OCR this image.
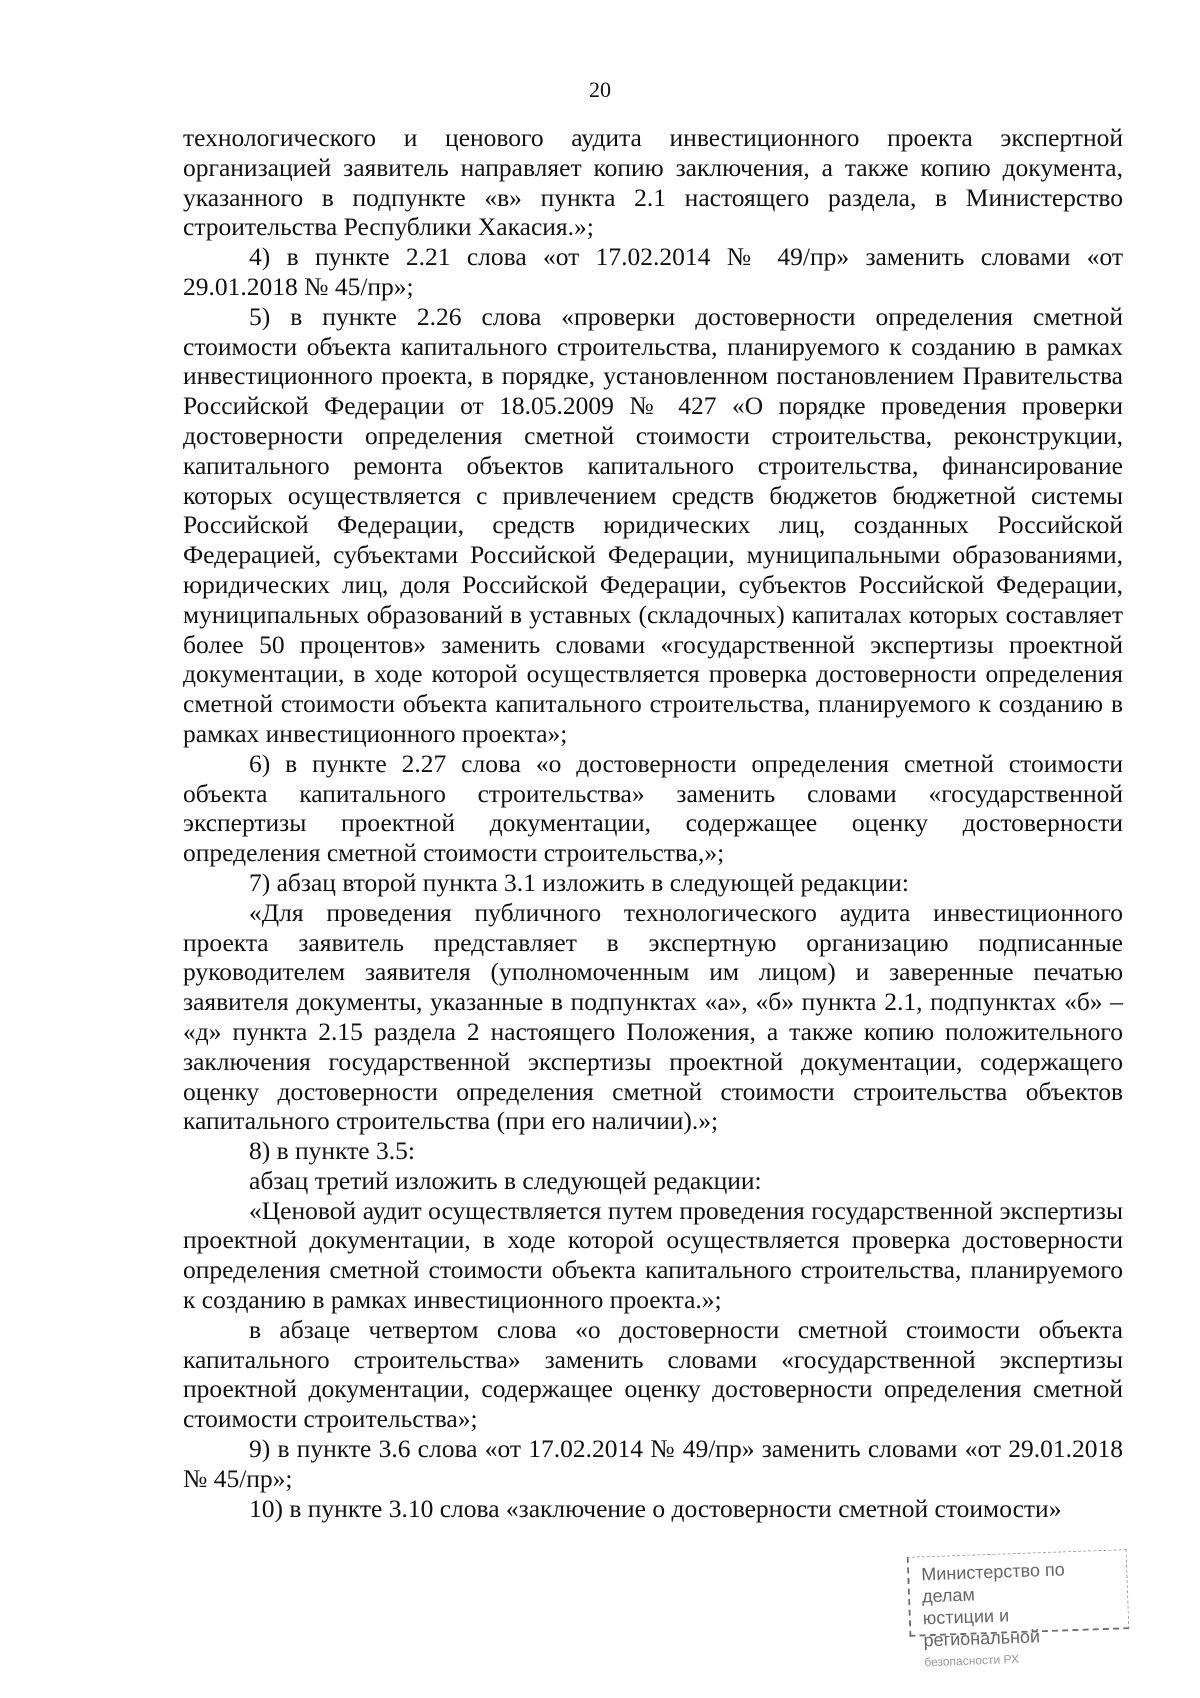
20

технологического и ценового аудита инвестиционного проекта экспертной организацией заявитель направляет копию заключения, а также копию документа, указанного в подпункте «в» пункта 2.1 настоящего раздела, в Министерство строительства Республики Хакасия.»;

4) в пункте 2.21 слова «от 17.02.2014 № 49/пр» заменить словами «от 29.01.2018 № 45/пр»;

5) в пункте 2.26 слова «проверки достоверности определения сметной стоимости объекта капитального строительства, планируемого к созданию в рамках инвестиционного проекта, в порядке, установленном постановлением Правительства Российской Федерации от 18.05.2009 № 427 «О порядке проведения проверки достоверности определения сметной стоимости строительства, реконструкции, капитального ремонта объектов капитального строительства, финансирование которых осуществляется с привлечением средств бюджетов бюджетной системы Российской Федерации, средств юридических лиц, созданных Российской Федерацией, субъектами Российской Федерации, муниципальными образованиями, юридических лиц, доля Российской Федерации, субъектов Российской Федерации, муниципальных образований в уставных (складочных) капиталах которых составляет более 50 процентов» заменить словами «государственной экспертизы проектной документации, в ходе которой осуществляется проверка достоверности определения сметной стоимости объекта капитального строительства, планируемого к созданию в рамках инвестиционного проекта»;

6) в пункте 2.27 слова «о достоверности определения сметной стоимости объекта капитального строительства» заменить словами «государственной экспертизы проектной документации, содержащее оценку достоверности определения сметной стоимости строительства,»;

7) абзац второй пункта 3.1 изложить в следующей редакции:

«Для проведения публичного технологического аудита инвестиционного проекта заявитель представляет в экспертную организацию подписанные руководителем заявителя (уполномоченным им лицом) и заверенные печатью заявителя документы, указанные в подпунктах «а», «б» пункта 2.1, подпунктах «б» – «д» пункта 2.15 раздела 2 настоящего Положения, а также копию положительного заключения государственной экспертизы проектной документации, содержащего оценку достоверности определения сметной стоимости строительства объектов капитального строительства (при его наличии).»;

8) в пункте 3.5:

абзац третий изложить в следующей редакции:

«Ценовой аудит осуществляется путем проведения государственной экспертизы проектной документации, в ходе которой осуществляется проверка достоверности определения сметной стоимости объекта капитального строительства, планируемого к созданию в рамках инвестиционного проекта.»;

в абзаце четвертом слова «о достоверности сметной стоимости объекта капитального строительства» заменить словами «государственной экспертизы проектной документации, содержащее оценку достоверности определения сметной стоимости строительства»;

9) в пункте 3.6 слова «от 17.02.2014 № 49/пр» заменить словами «от 29.01.2018 № 45/пр»;

10) в пункте 3.10 слова «заключение о достоверности сметной стоимости»

Министерство по делам
юстиции и региональной
безопасности РХ
